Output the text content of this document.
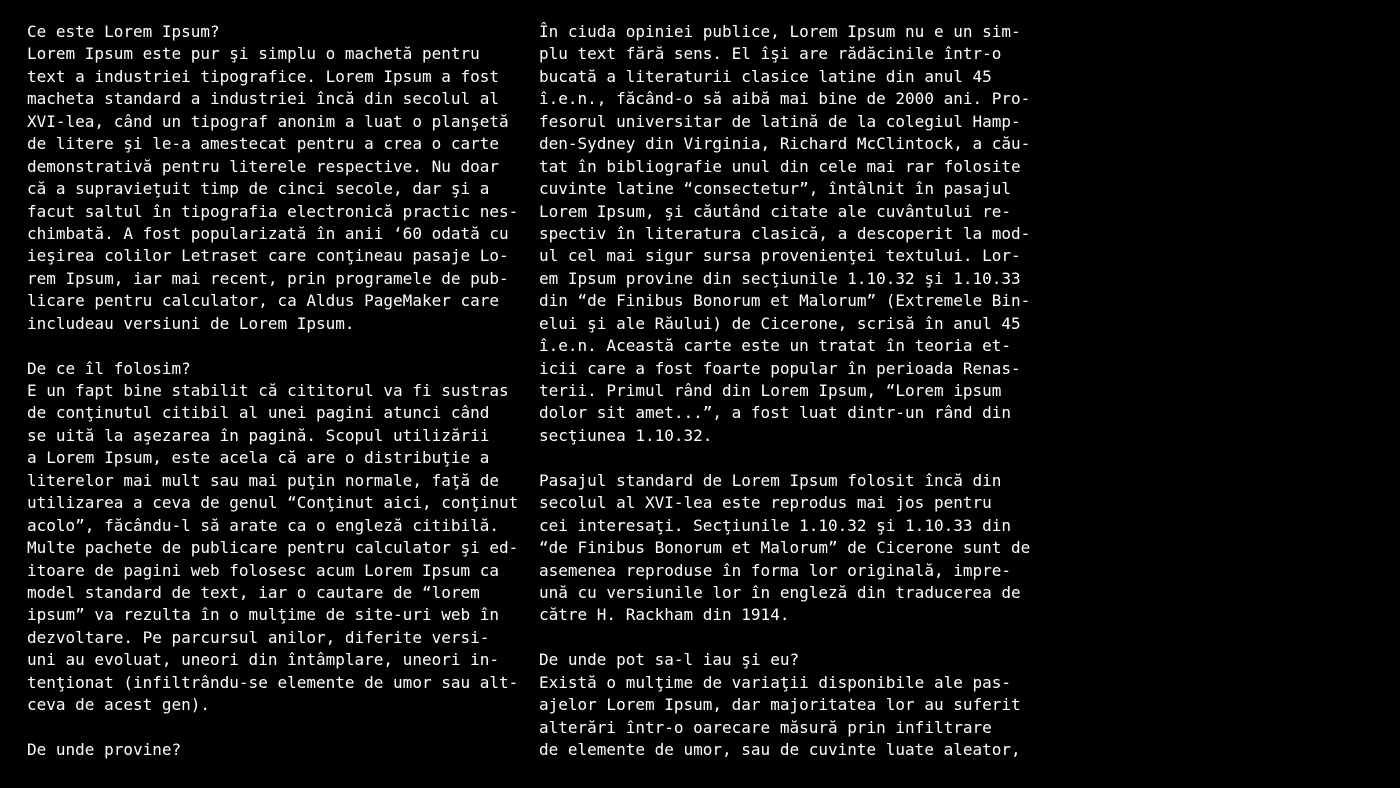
Ce este Lorem Ipsum?
Lorem Ipsum este pur şi simplu o machetă pentru
text a industriei tipografice. Lorem Ipsum a fost
macheta standard a industriei încă din secolul al
XVI-lea, când un tipograf anonim a luat o planşetă
de litere şi le-a amestecat pentru a crea o carte
demonstrativă pentru literele respective. Nu doar
că a supravieţuit timp de cinci secole, dar şi a
facut saltul în tipografia electronică practic nes-
chimbată. A fost popularizată în anii ‘60 odată cu
ieşirea colilor Letraset care conţineau pasaje Lo-
rem Ipsum, iar mai recent, prin programele de pub-
licare pentru calculator, ca Aldus PageMaker care
includeau versiuni de Lorem Ipsum.
De ce îl folosim?
E un fapt bine stabilit că cititorul va fi sustras
de conţinutul citibil al unei pagini atunci când
se uită la aşezarea în pagină. Scopul utilizării
a Lorem Ipsum, este acela că are o distribuţie a
literelor mai mult sau mai puţin normale, faţă de
utilizarea a ceva de genul “Conţinut aici, conţinut
acolo”, făcându-l să arate ca o engleză citibilă.
Multe pachete de publicare pentru calculator şi ed-
itoare de pagini web folosesc acum Lorem Ipsum ca
model standard de text, iar o cautare de “lorem
ipsum” va rezulta în o mulţime de site-uri web în
dezvoltare. Pe parcursul anilor, diferite versi-
uni au evoluat, uneori din întâmplare, uneori in-
tenţionat (infiltrându-se elemente de umor sau alt-
ceva de acest gen).
De unde provine?
În ciuda opiniei publice, Lorem Ipsum nu e un sim-
plu text fără sens. El îşi are rădăcinile într-o
bucată a literaturii clasice latine din anul 45
î.e.n., făcând-o să aibă mai bine de 2000 ani. Pro-
fesorul universitar de latină de la colegiul Hamp-
den-Sydney din Virginia, Richard McClintock, a cău-
tat în bibliografie unul din cele mai rar folosite
cuvinte latine “consectetur”, întâlnit în pasajul
Lorem Ipsum, şi căutând citate ale cuvântului re-
spectiv în literatura clasică, a descoperit la mod-
ul cel mai sigur sursa provenienţei textului. Lor-
em Ipsum provine din secţiunile 1.10.32 şi 1.10.33
din “de Finibus Bonorum et Malorum” (Extremele Bin-
elui şi ale Răului) de Cicerone, scrisă în anul 45
î.e.n. Această carte este un tratat în teoria et-
icii care a fost foarte popular în perioada Renas-
terii. Primul rând din Lorem Ipsum, “Lorem ipsum
dolor sit amet...”, a fost luat dintr-un rând din
secţiunea 1.10.32.
Pasajul standard de Lorem Ipsum folosit încă din
secolul al XVI-lea este reprodus mai jos pentru
cei interesaţi. Secţiunile 1.10.32 şi 1.10.33 din
“de Finibus Bonorum et Malorum” de Cicerone sunt de
asemenea reproduse în forma lor originală, impre-
ună cu versiunile lor în engleză din traducerea de
către H. Rackham din 1914.
De unde pot sa-l iau şi eu?
Există o mulţime de variaţii disponibile ale pas-
ajelor Lorem Ipsum, dar majoritatea lor au suferit
alterări într-o oarecare măsură prin infiltrare
de elemente de umor, sau de cuvinte luate aleator,
